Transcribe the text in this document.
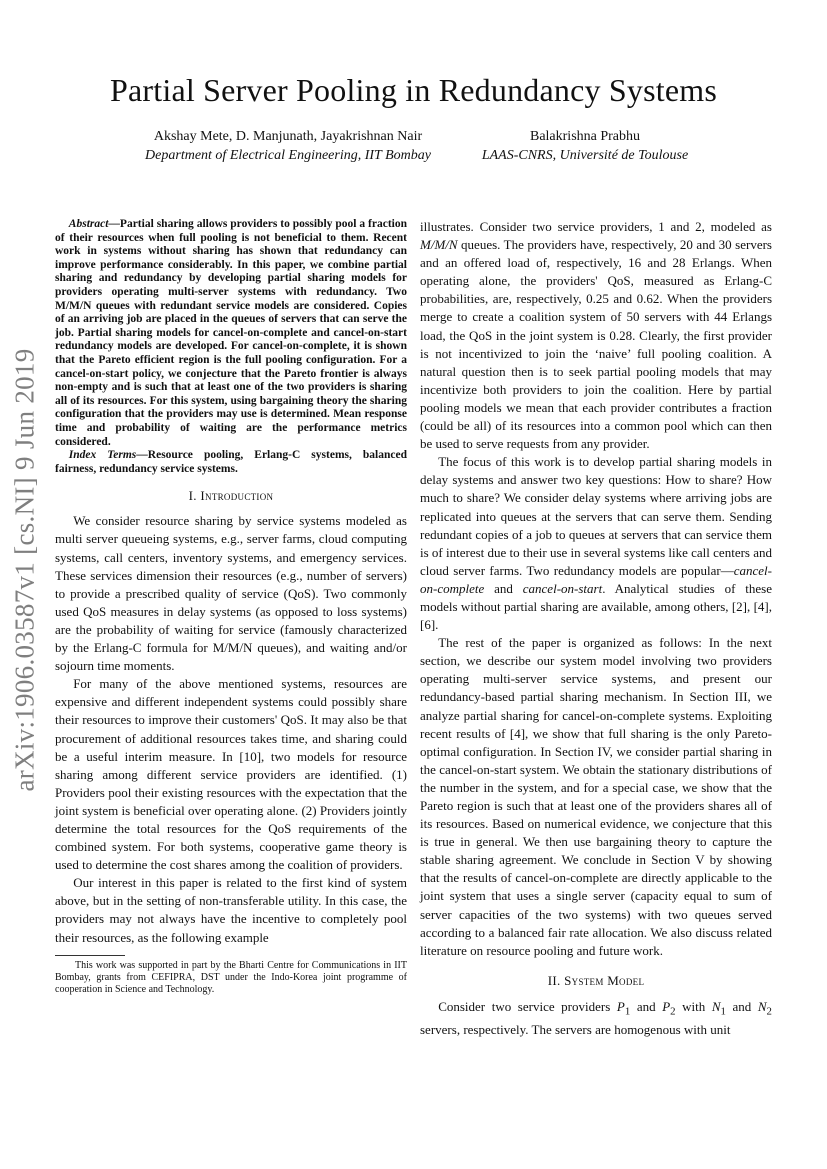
Partial Server Pooling in Redundancy Systems
Akshay Mete, D. Manjunath, Jayakrishnan Nair
Department of Electrical Engineering, IIT Bombay
Balakrishna Prabhu
LAAS-CNRS, Université de Toulouse
arXiv:1906.03587v1 [cs.NI] 9 Jun 2019

Abstract—Partial sharing allows providers to possibly pool a fraction of their resources when full pooling is not beneficial to them. Recent work in systems without sharing has shown that redundancy can improve performance considerably. In this paper, we combine partial sharing and redundancy by developing partial sharing models for providers operating multi-server systems with redundancy. Two M/M/N queues with redundant service models are considered. Copies of an arriving job are placed in the queues of servers that can serve the job. Partial sharing models for cancel-on-complete and cancel-on-start redundancy models are developed. For cancel-on-complete, it is shown that the Pareto efficient region is the full pooling configuration. For a cancel-on-start policy, we conjecture that the Pareto frontier is always non-empty and is such that at least one of the two providers is sharing all of its resources. For this system, using bargaining theory the sharing configuration that the providers may use is determined. Mean response time and probability of waiting are the performance metrics considered.

Index Terms—Resource pooling, Erlang-C systems, balanced fairness, redundancy service systems.

I. Introduction

We consider resource sharing by service systems modeled as multi server queueing systems, e.g., server farms, cloud computing systems, call centers, inventory systems, and emergency services. These services dimension their resources (e.g., number of servers) to provide a prescribed quality of service (QoS). Two commonly used QoS measures in delay systems (as opposed to loss systems) are the probability of waiting for service (famously characterized by the Erlang-C formula for M/M/N queues), and waiting and/or sojourn time moments.

For many of the above mentioned systems, resources are expensive and different independent systems could possibly share their resources to improve their customers' QoS. It may also be that procurement of additional resources takes time, and sharing could be a useful interim measure. In [10], two models for resource sharing among different service providers are identified. (1) Providers pool their existing resources with the expectation that the joint system is beneficial over operating alone. (2) Providers jointly determine the total resources for the QoS requirements of the combined system. For both systems, cooperative game theory is used to determine the cost shares among the coalition of providers.

Our interest in this paper is related to the first kind of system above, but in the setting of non-transferable utility. In this case, the providers may not always have the incentive to completely pool their resources, as the following example

This work was supported in part by the Bharti Centre for Communications in IIT Bombay, grants from CEFIPRA, DST under the Indo-Korea joint programme of cooperation in Science and Technology.

illustrates. Consider two service providers, 1 and 2, modeled as M/M/N queues. The providers have, respectively, 20 and 30 servers and an offered load of, respectively, 16 and 28 Erlangs. When operating alone, the providers' QoS, measured as Erlang-C probabilities, are, respectively, 0.25 and 0.62. When the providers merge to create a coalition system of 50 servers with 44 Erlangs load, the QoS in the joint system is 0.28. Clearly, the first provider is not incentivized to join the ‘naive’ full pooling coalition. A natural question then is to seek partial pooling models that may incentivize both providers to join the coalition. Here by partial pooling models we mean that each provider contributes a fraction (could be all) of its resources into a common pool which can then be used to serve requests from any provider.

The focus of this work is to develop partial sharing models in delay systems and answer two key questions: How to share? How much to share? We consider delay systems where arriving jobs are replicated into queues at the servers that can serve them. Sending redundant copies of a job to queues at servers that can service them is of interest due to their use in several systems like call centers and cloud server farms. Two redundancy models are popular—cancel-on-complete and cancel-on-start. Analytical studies of these models without partial sharing are available, among others, [2], [4], [6].

The rest of the paper is organized as follows: In the next section, we describe our system model involving two providers operating multi-server service systems, and present our redundancy-based partial sharing mechanism. In Section III, we analyze partial sharing for cancel-on-complete systems. Exploiting recent results of [4], we show that full sharing is the only Pareto-optimal configuration. In Section IV, we consider partial sharing in the cancel-on-start system. We obtain the stationary distributions of the number in the system, and for a special case, we show that the Pareto region is such that at least one of the providers shares all of its resources. Based on numerical evidence, we conjecture that this is true in general. We then use bargaining theory to capture the stable sharing agreement. We conclude in Section V by showing that the results of cancel-on-complete are directly applicable to the joint system that uses a single server (capacity equal to sum of server capacities of the two systems) with two queues served according to a balanced fair rate allocation. We also discuss related literature on resource pooling and future work.

II. System Model

Consider two service providers $P_1$ and $P_2$ with $N_1$ and $N_2$ servers, respectively. The servers are homogenous with unit
